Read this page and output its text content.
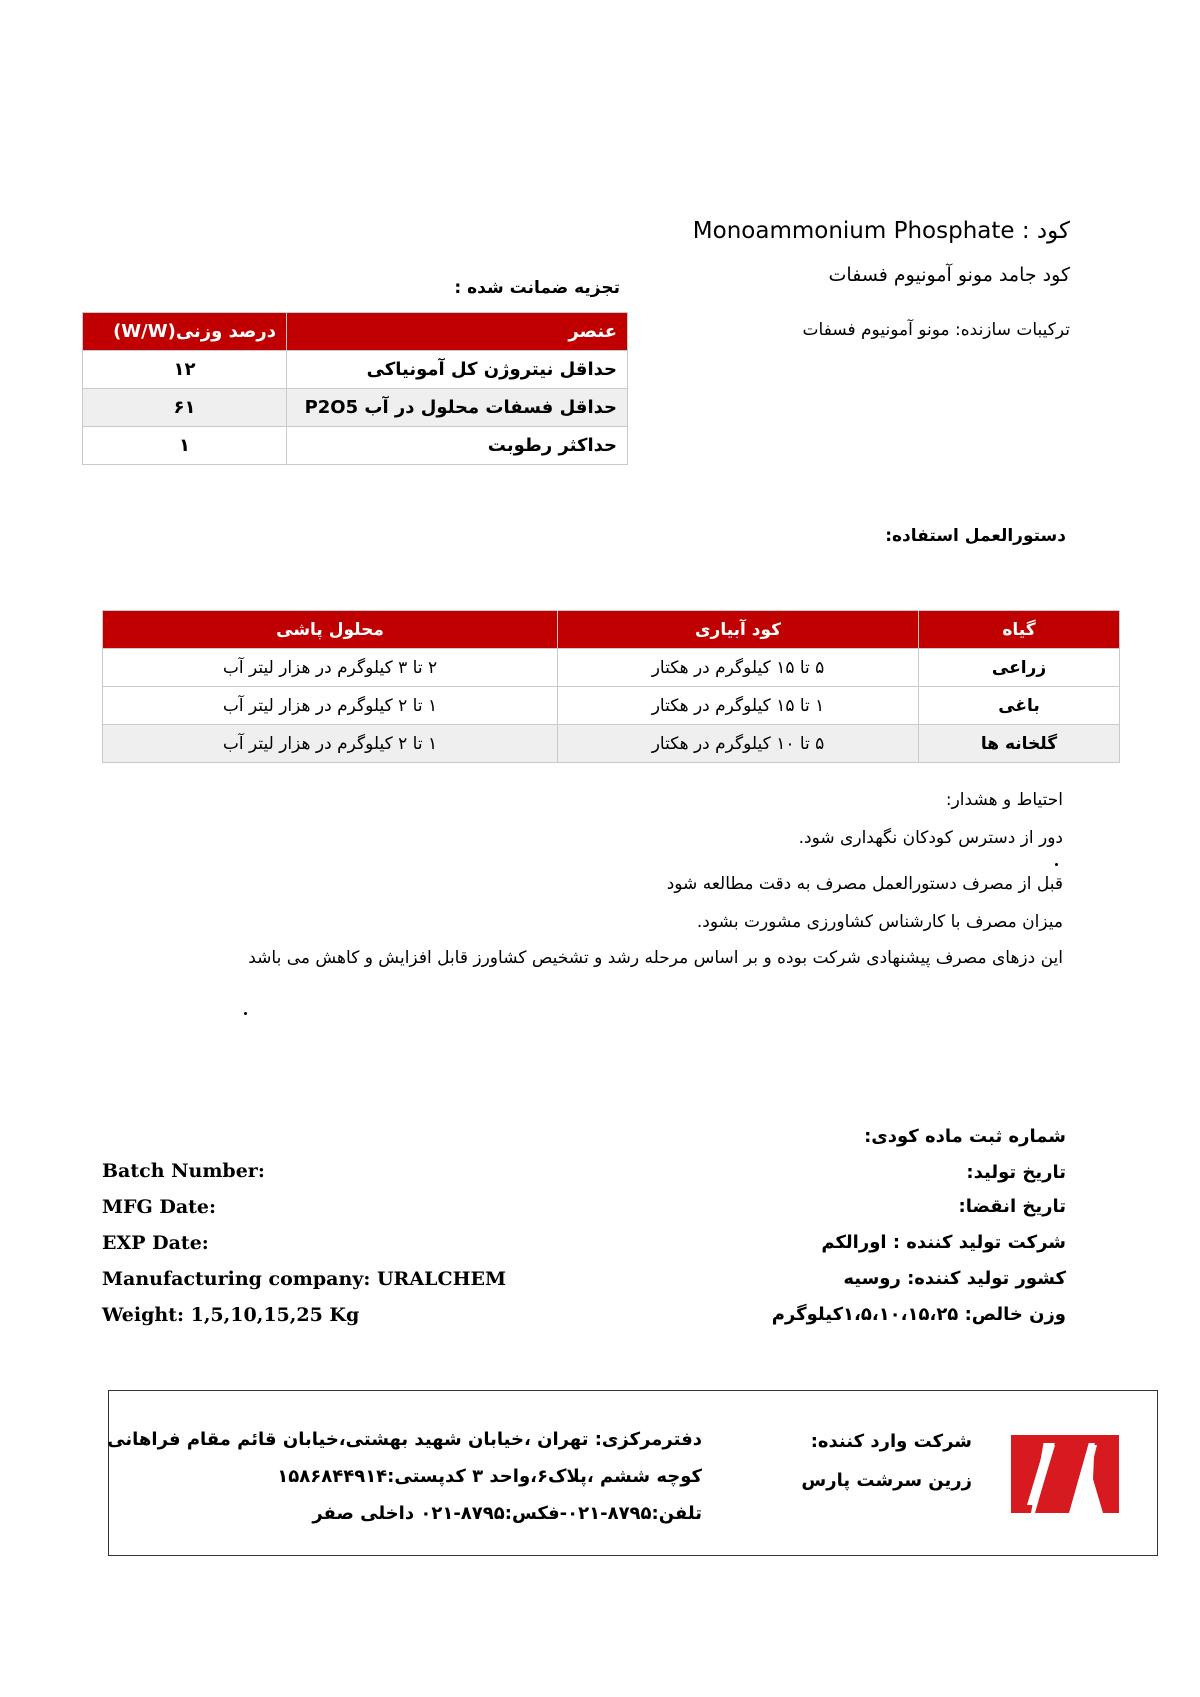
کود : Monoammonium Phosphate
کود جامد مونو آمونیوم فسفات
ترکیبات سازنده: مونو آمونیوم فسفات
تجزیه ضمانت شده :
عنصر	درصد وزنی(W/W)
حداقل نیتروژن کل آمونیاکی	۱۲
حداقل فسفات محلول در آب P2O5	۶۱
حداکثر رطوبت	۱
دستورالعمل استفاده:
گیاه	کود آبیاری	محلول پاشی
زراعی	۵ تا ۱۵ کیلوگرم در هکتار	۲ تا ۳ کیلوگرم در هزار لیتر آب
باغی	۱ تا ۱۵ کیلوگرم در هکتار	۱ تا ۲ کیلوگرم در هزار لیتر آب
گلخانه ها	۵ تا ۱۰ کیلوگرم در هکتار	۱ تا ۲ کیلوگرم در هزار لیتر آب
احتیاط و هشدار:
دور از دسترس کودکان نگهداری شود.
قبل از مصرف دستورالعمل مصرف به دقت مطالعه شود
میزان مصرف با کارشناس کشاورزی مشورت بشود.
این دزهای مصرف پیشنهادی شرکت بوده و بر اساس مرحله رشد و تشخیص کشاورز قابل افزایش و کاهش می باشد
شماره ثبت ماده کودی:
تاریخ تولید:
تاریخ انقضا:
شرکت تولید کننده : اورالکم
کشور تولید کننده: روسیه
وزن خالص: ۱،۵،۱۰،۱۵،۲۵کیلوگرم
Batch Number:
MFG Date:
EXP Date:
Manufacturing company: URALCHEM
Weight: 1,5,10,15,25 Kg
شرکت وارد کننده:
زرین سرشت پارس
دفترمرکزی: تهران ،خیابان شهید بهشتی،خیابان قائم مقام فراهانی
کوچه ششم ،پلاک۶،واحد ۳ کدپستی:۱۵۸۶۸۴۴۹۱۴
تلفن:۸۷۹۵-۰۲۱-فکس:۸۷۹۵-۰۲۱ داخلی صفر
